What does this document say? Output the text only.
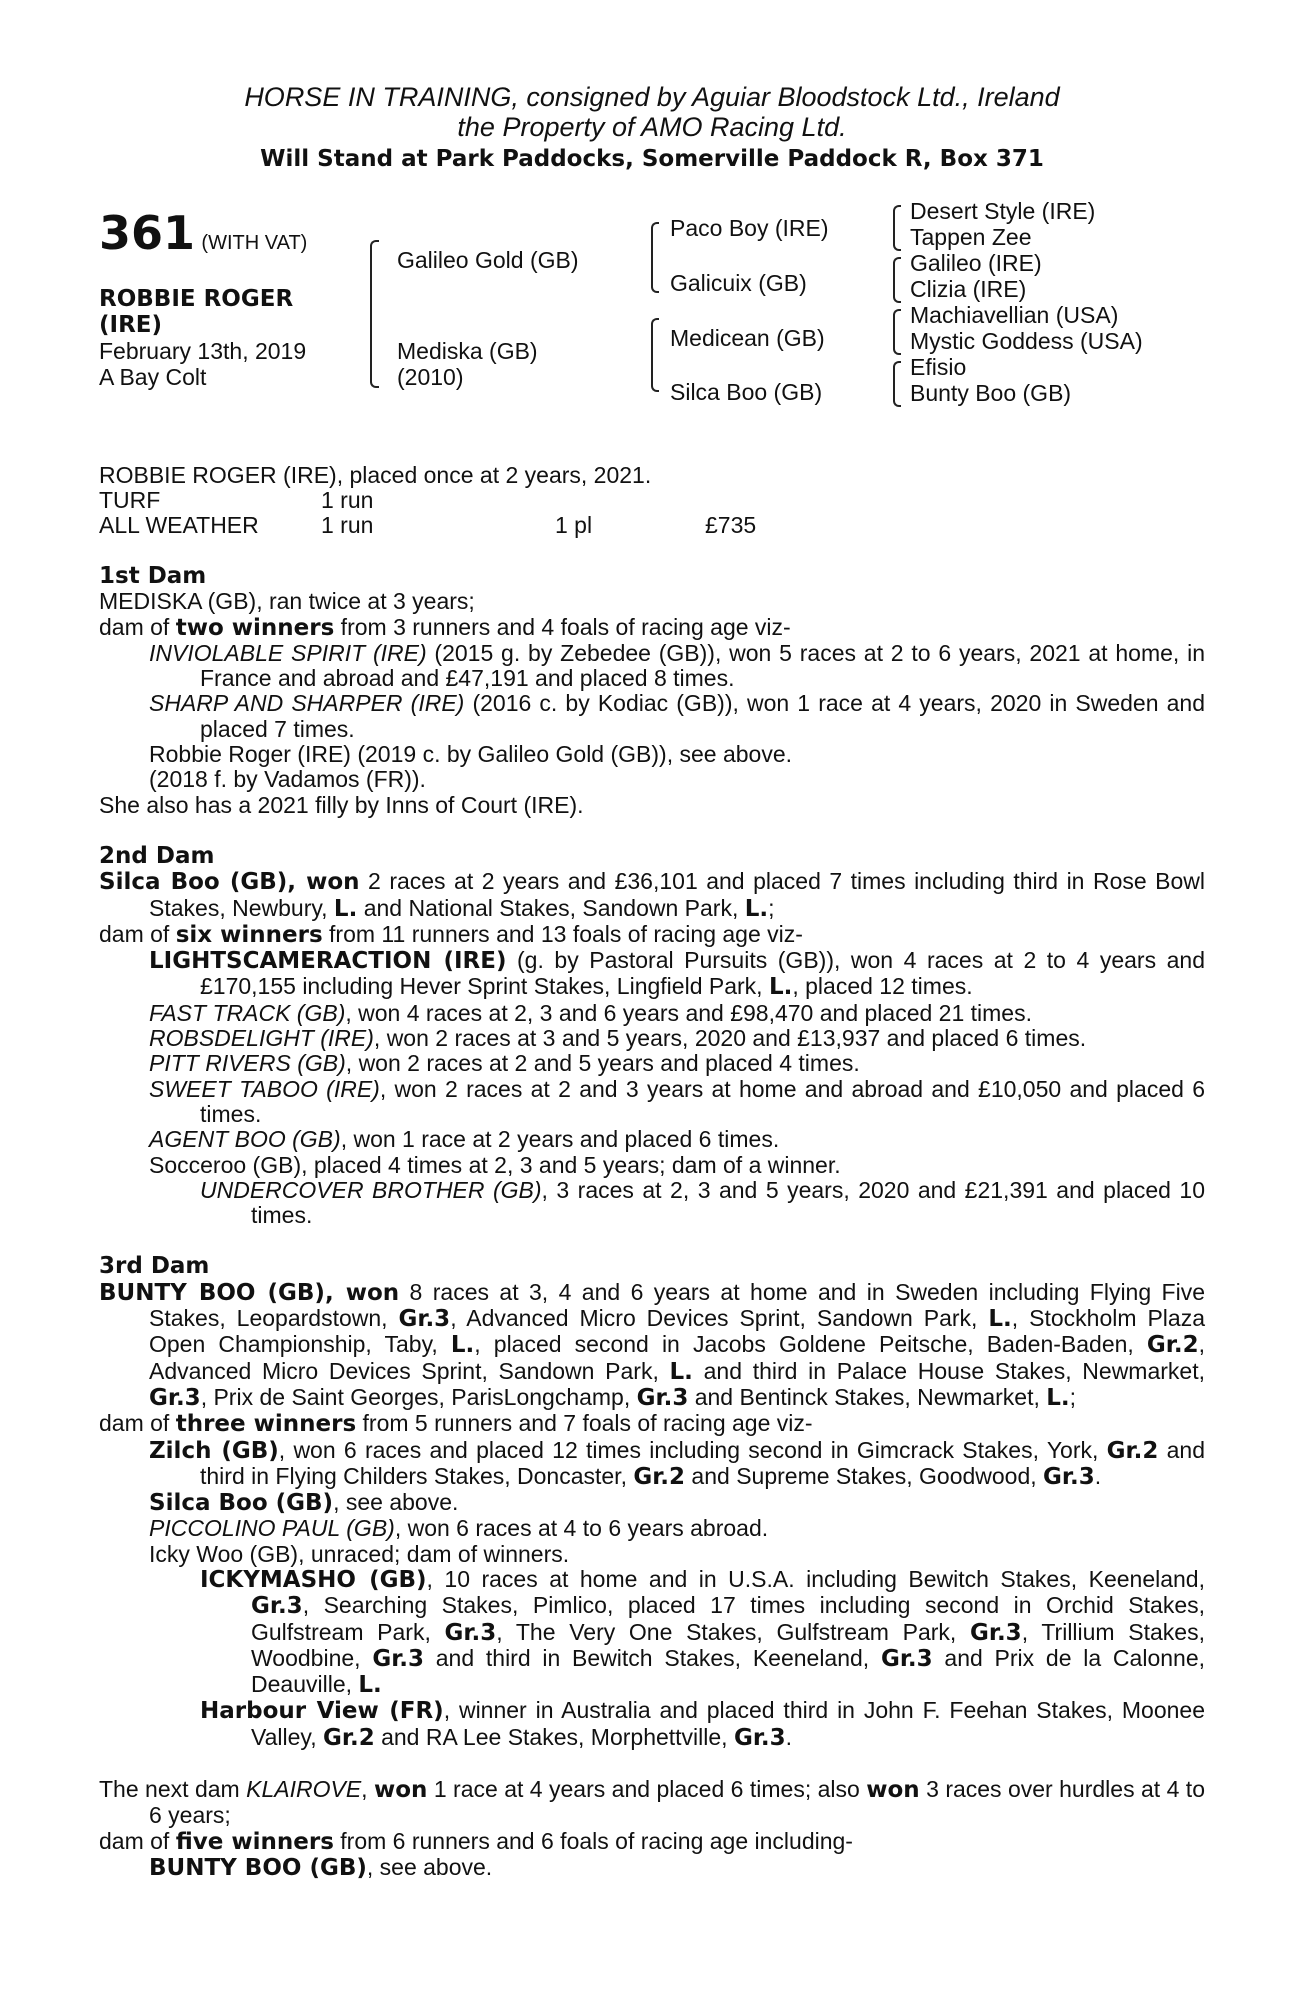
HORSE IN TRAINING, consigned by Aguiar Bloodstock Ltd., Ireland
the Property of AMO Racing Ltd.
Will Stand at Park Paddocks, Somerville Paddock R, Box 371
361 (WITH VAT)
ROBBIE ROGER
(IRE)
February 13th, 2019
A Bay Colt
Galileo Gold (GB)
Mediska (GB)
(2010)
Paco Boy (IRE)
Galicuix (GB)
Medicean (GB)
Silca Boo (GB)
Desert Style (IRE)
Tappen Zee
Galileo (IRE)
Clizia (IRE)
Machiavellian (USA)
Mystic Goddess (USA)
Efisio
Bunty Boo (GB)
ROBBIE ROGER (IRE), placed once at 2 years, 2021.
TURF	1 run
ALL WEATHER	1 run	1 pl	£735

1st Dam

MEDISKA (GB), ran twice at 3 years;

dam of two winners from 3 runners and 4 foals of racing age viz-

INVIOLABLE SPIRIT (IRE) (2015 g. by Zebedee (GB)), won 5 races at 2 to 6 years, 2021 at home, in France and abroad and £47,191 and placed 8 times.

SHARP AND SHARPER (IRE) (2016 c. by Kodiac (GB)), won 1 race at 4 years, 2020 in Sweden and placed 7 times.

Robbie Roger (IRE) (2019 c. by Galileo Gold (GB)), see above.

(2018 f. by Vadamos (FR)).

She also has a 2021 filly by Inns of Court (IRE).

2nd Dam

Silca Boo (GB), won 2 races at 2 years and £36,101 and placed 7 times including third in Rose Bowl Stakes, Newbury, L. and National Stakes, Sandown Park, L.;

dam of six winners from 11 runners and 13 foals of racing age viz-

LIGHTSCAMERACTION (IRE) (g. by Pastoral Pursuits (GB)), won 4 races at 2 to 4 years and £170,155 including Hever Sprint Stakes, Lingfield Park, L., placed 12 times.

FAST TRACK (GB), won 4 races at 2, 3 and 6 years and £98,470 and placed 21 times.

ROBSDELIGHT (IRE), won 2 races at 3 and 5 years, 2020 and £13,937 and placed 6 times.

PITT RIVERS (GB), won 2 races at 2 and 5 years and placed 4 times.

SWEET TABOO (IRE), won 2 races at 2 and 3 years at home and abroad and £10,050 and placed 6 times.

AGENT BOO (GB), won 1 race at 2 years and placed 6 times.

Socceroo (GB), placed 4 times at 2, 3 and 5 years; dam of a winner.

UNDERCOVER BROTHER (GB), 3 races at 2, 3 and 5 years, 2020 and £21,391 and placed 10 times.

3rd Dam

BUNTY BOO (GB), won 8 races at 3, 4 and 6 years at home and in Sweden including Flying Five Stakes, Leopardstown, Gr.3, Advanced Micro Devices Sprint, Sandown Park, L., Stockholm Plaza Open Championship, Taby, L., placed second in Jacobs Goldene Peitsche, Baden-Baden, Gr.2, Advanced Micro Devices Sprint, Sandown Park, L. and third in Palace House Stakes, Newmarket, Gr.3, Prix de Saint Georges, ParisLongchamp, Gr.3 and Bentinck Stakes, Newmarket, L.;

dam of three winners from 5 runners and 7 foals of racing age viz-

Zilch (GB), won 6 races and placed 12 times including second in Gimcrack Stakes, York, Gr.2 and third in Flying Childers Stakes, Doncaster, Gr.2 and Supreme Stakes, Goodwood, Gr.3.

Silca Boo (GB), see above.

PICCOLINO PAUL (GB), won 6 races at 4 to 6 years abroad.

Icky Woo (GB), unraced; dam of winners.

ICKYMASHO (GB), 10 races at home and in U.S.A. including Bewitch Stakes, Keeneland, Gr.3, Searching Stakes, Pimlico, placed 17 times including second in Orchid Stakes, Gulfstream Park, Gr.3, The Very One Stakes, Gulfstream Park, Gr.3, Trillium Stakes, Woodbine, Gr.3 and third in Bewitch Stakes, Keeneland, Gr.3 and Prix de la Calonne, Deauville, L.

Harbour View (FR), winner in Australia and placed third in John F. Feehan Stakes, Moonee Valley, Gr.2 and RA Lee Stakes, Morphettville, Gr.3.

The next dam KLAIROVE, won 1 race at 4 years and placed 6 times; also won 3 races over hurdles at 4 to 6 years;

dam of five winners from 6 runners and 6 foals of racing age including-

BUNTY BOO (GB), see above.
